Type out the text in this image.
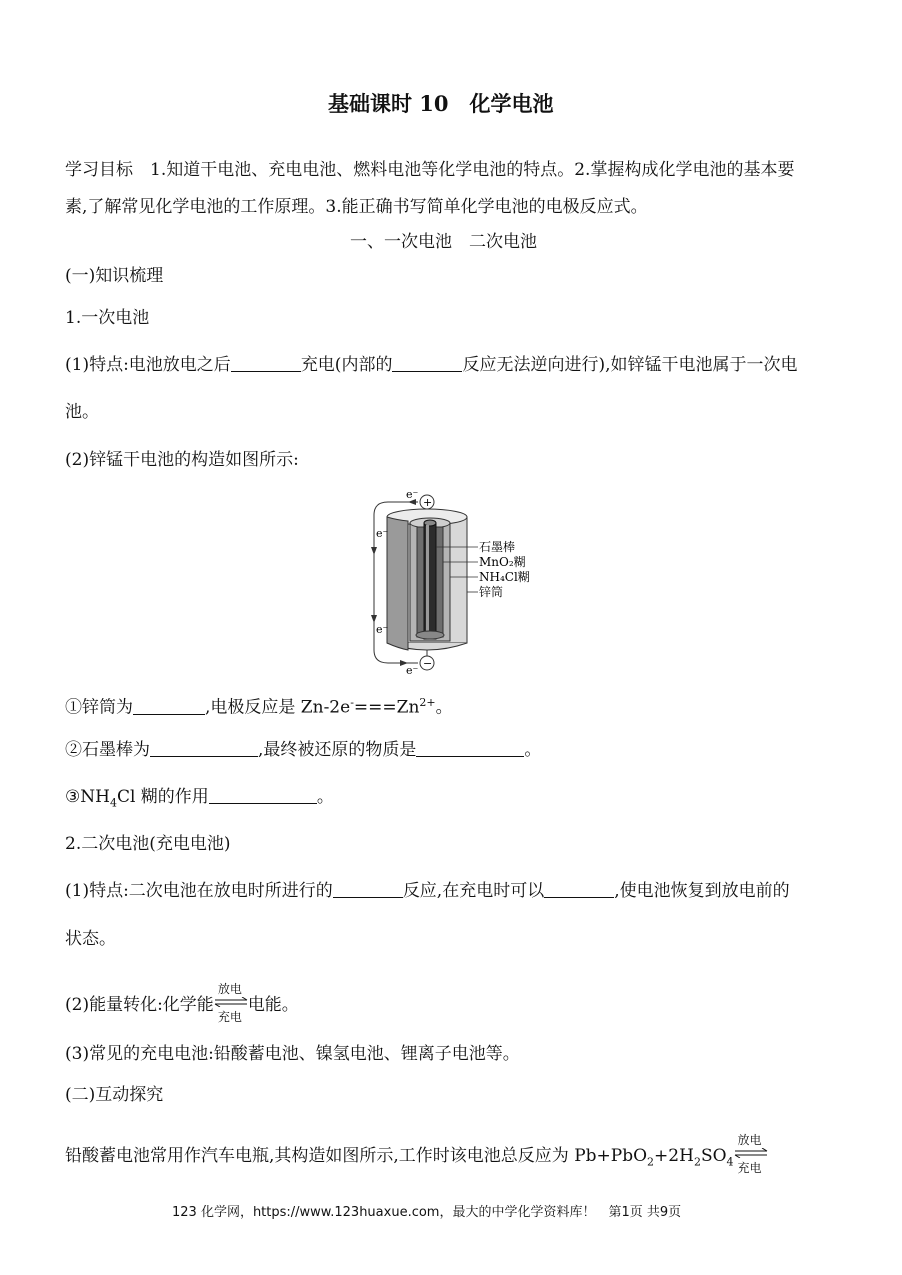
基础课时 10　化学电池
学习目标　1.知道干电池、充电电池、燃料电池等化学电池的特点。2.掌握构成化学电池的基本要
素,了解常见化学电池的工作原理。3.能正确书写简单化学电池的电极反应式。
一、一次电池　二次电池
(一)知识梳理
1.一次电池
(1)特点:电池放电之后	充电(内部的	反应无法逆向进行),如锌锰干电池属于一次电
池。
(2)锌锰干电池的构造如图所示:
石墨棒
MnO₂糊
NH₄Cl糊
锌筒
e⁻
e⁻
e⁻
e⁻
+
−
①锌筒为	,电极反应是 $Zn-2e^-===Zn^{2+}$。
②石墨棒为	,最终被还原的物质是	。
$③NH_4Cl$ 糊的作用	。
2.二次电池(充电电池)
(1)特点:二次电池在放电时所进行的	反应,在充电时可以	,使电池恢复到放电前的
状态。
(2)能量转化:化学能
放电
充电
电能。
(3)常见的充电电池:铅酸蓄电池、镍氢电池、锂离子电池等。
(二)互动探究
铅酸蓄电池常用作汽车电瓶,其构造如图所示,工作时该电池总反应为 $Pb+PbO_2+2H_2SO_4$
放电
充电
123 化学网，https://www.123huaxue.com，最大的中学化学资料库！　第1页 共9页
